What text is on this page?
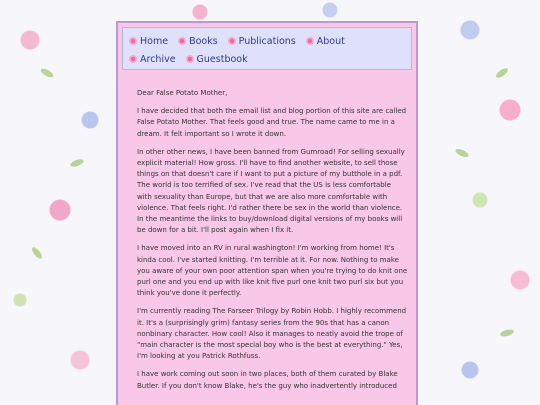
Home Books Publications About
Archive Guestbook

Dear False Potato Mother,

I have decided that both the email list and blog portion of this site are called False Potato Mother. That feels good and true. The name came to me in a dream. It felt important so I wrote it down.

In other other news, I have been banned from Gumroad! For selling sexually explicit material! How gross. I'll have to find another website, to sell those things on that doesn't care if I want to put a picture of my butthole in a pdf. The world is too terrified of sex. I've read that the US is less comfortable with sexuality than Europe, but that we are also more comfortable with violence. That feels right. I'd rather there be sex in the world than violence. In the meantime the links to buy/download digital versions of my books will be down for a bit. I'll post again when I fix it.

I have moved into an RV in rural washington! I'm working from home! It's kinda cool. I've started knitting. I'm terrible at it. For now. Nothing to make you aware of your own poor attention span when you're trying to do knit one purl one and you end up with like knit five purl one knit two purl six but you think you've done it perfectly.

I'm currently reading The Farseer Trilogy by Robin Hobb. I highly recommend it. It's a (surprisingly grim) fantasy series from the 90s that has a canon nonbinary character. How cool! Also it manages to neatly avoid the trope of "main character is the most special boy who is the best at everything." Yes, I'm looking at you Patrick Rothfuss.

I have work coming out soon in two places, both of them curated by Blake Butler. If you don't know Blake, he's the guy who inadvertently introduced
